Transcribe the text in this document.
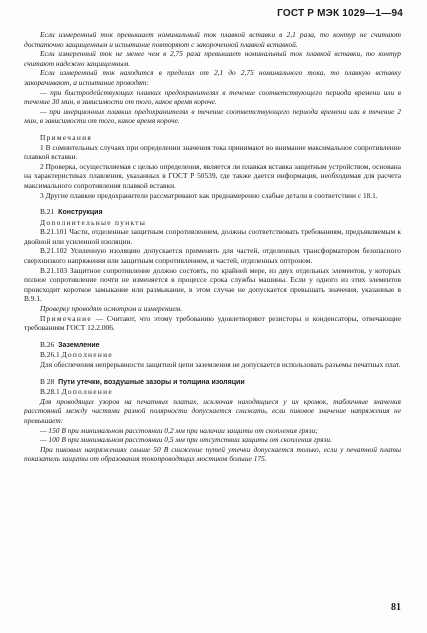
ГОСТ Р МЭК 1029—1—94

Если измеренный ток превышает номинальный ток плавкой вставки в 2,1 раза, то контур не считают достаточно защищенным и испытание повторяют с закороченной плавкой вставкой.

Если измеренный ток не менее чем в 2,75 раза превышает номинальный ток плавкой вставки, то контур считают надежно защищенным.

Если измеренный ток находится в пределах от 2,1 до 2,75 номинального тока, то плавкую вставку закорачивают, а испытание проводят:

— при быстродействующих плавких предохранителях в течение соответствующего периода времени или в течение 30 мин, в зависимости от того, какое время короче.

— при инерционных плавких предохранителях в течение соответствующего периода времени или в течение 2 мин, в зависимости от того, какое время короче.

Примечания

1 В сомнительных случаях при определении значения тока принимают во внимание максимальное сопротивление плавкой вставки.

2 Проверка, осуществляемая с целью определения, является ли плавкая вставка защитным устройством, основана на характеристиках плавления, указанных в ГОСТ Р 50539, где также дается информация, необходимая для расчета максимального сопротивления плавкой вставки.

3 Другие плавкие предохранители рассматривают как преднамеренно слабые детали в соответствии с 18.1.

В.21 Конструкция

Дополнительные пункты

В.21.101 Части, отделенные защитным сопротивлением, должны соответствовать требованиям, предъявляемым к двойной или усиленной изоляции.

В.21.102 Усиленную изоляцию допускается применять для частей, отделенных трансформатором безопасного сверхнизкого напряжения или защитным сопротивлением, и частей, отделенных оптроном.

В.21.103 Защитное сопротивление должно состоять, по крайней мере, из двух отдельных элементов, у которых полное сопротивление почти не изменяется в процессе срока службы машины. Если у одного из этих элементов происходит короткое замыкание или размыкание, в этом случае не допускается превышать значения, указанные в В.9.1.

Проверку проводят осмотром и измерением.

Примечание — Считают, что этому требованию удовлетворяют резисторы и конденсаторы, отвечающие требованиям ГОСТ 12.2.006.

В.26 Заземление

В.26.1 Дополнение

Для обеспечения непрерывности защитной цепи заземления не допускается использовать разъемы печатных плат.

В 28 Пути утечки, воздушные зазоры и толщина изоляции

В.28.1 Дополнение

Для проводящих узоров на печатных платах, исключая находящиеся у их кромок, табличные значения расстояний между частями разной полярности допускается снижать, если пиковое значение напряжения не превышает:

— 150 В при минимальном расстоянии 0,2 мм при наличии защиты от скопления грязи;

— 100 В при минимальном расстоянии 0,5 мм при отсутствии защиты от скопления грязи.

При пиковых напряжениях свыше 50 В снижение путей утечки допускается только, если у печатной платы показатель защиты от образования токопроводящих мостиков больше 175.

81
